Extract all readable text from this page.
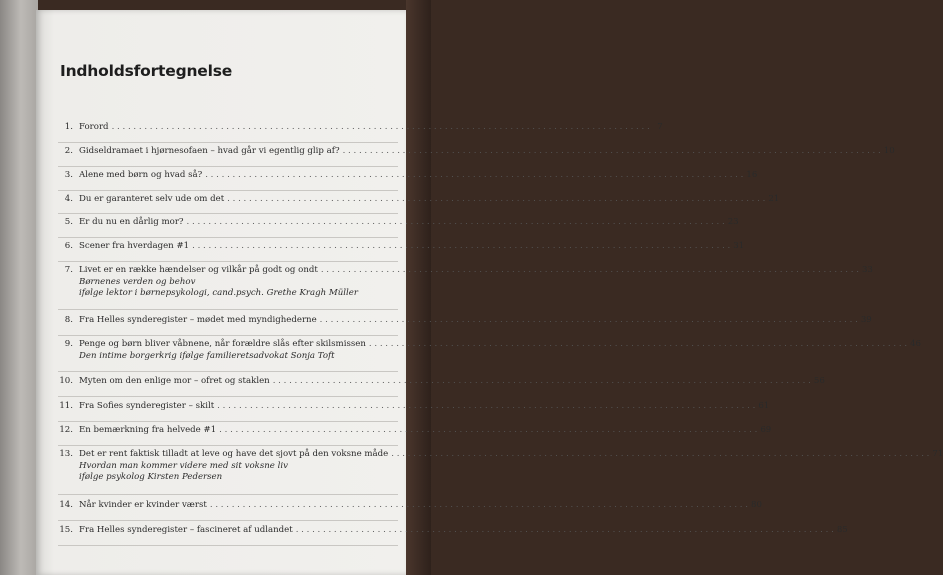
Indholdsfortegnelse
1. Forord . . .	7
2. Gidseldramaet i hjørnesofaen – hvad går vi egentlig glip af? . . .	10
3. Alene med børn og hvad så? . . .	16
4. Du er garanteret selv ude om det . . .	21
5. Er du nu en dårlig mor? . . .	23
6. Scener fra hverdagen #1 . . .	31
7. Livet er en række hændelser og vilkår på godt og ondt . . .	33
Børnenes verden og behov
ifølge lektor i børnepsykologi, cand.psych. Grethe Kragh Müller
8. Fra Helles synderegister – mødet med myndighederne . . .	39
9. Penge og børn bliver våbnene, når forældre slås efter skilsmissen . . .	46
Den intime borgerkrig ifølge familieretsadvokat Sonja Toft
10. Myten om den enlige mor – ofret og staklen . . .	56
11. Fra Sofies synderegister – skilt . . .	61
12. En bemærkning fra helvede #1 . . .	69
13. Det er rent faktisk tilladt at leve og have det sjovt på den voksne måde . . .	71
Hvordan man kommer videre med sit voksne liv
ifølge psykolog Kirsten Pedersen
14. Når kvinder er kvinder værst . . .	80
15. Fra Helles synderegister – fascineret af udlandet . . .	85
